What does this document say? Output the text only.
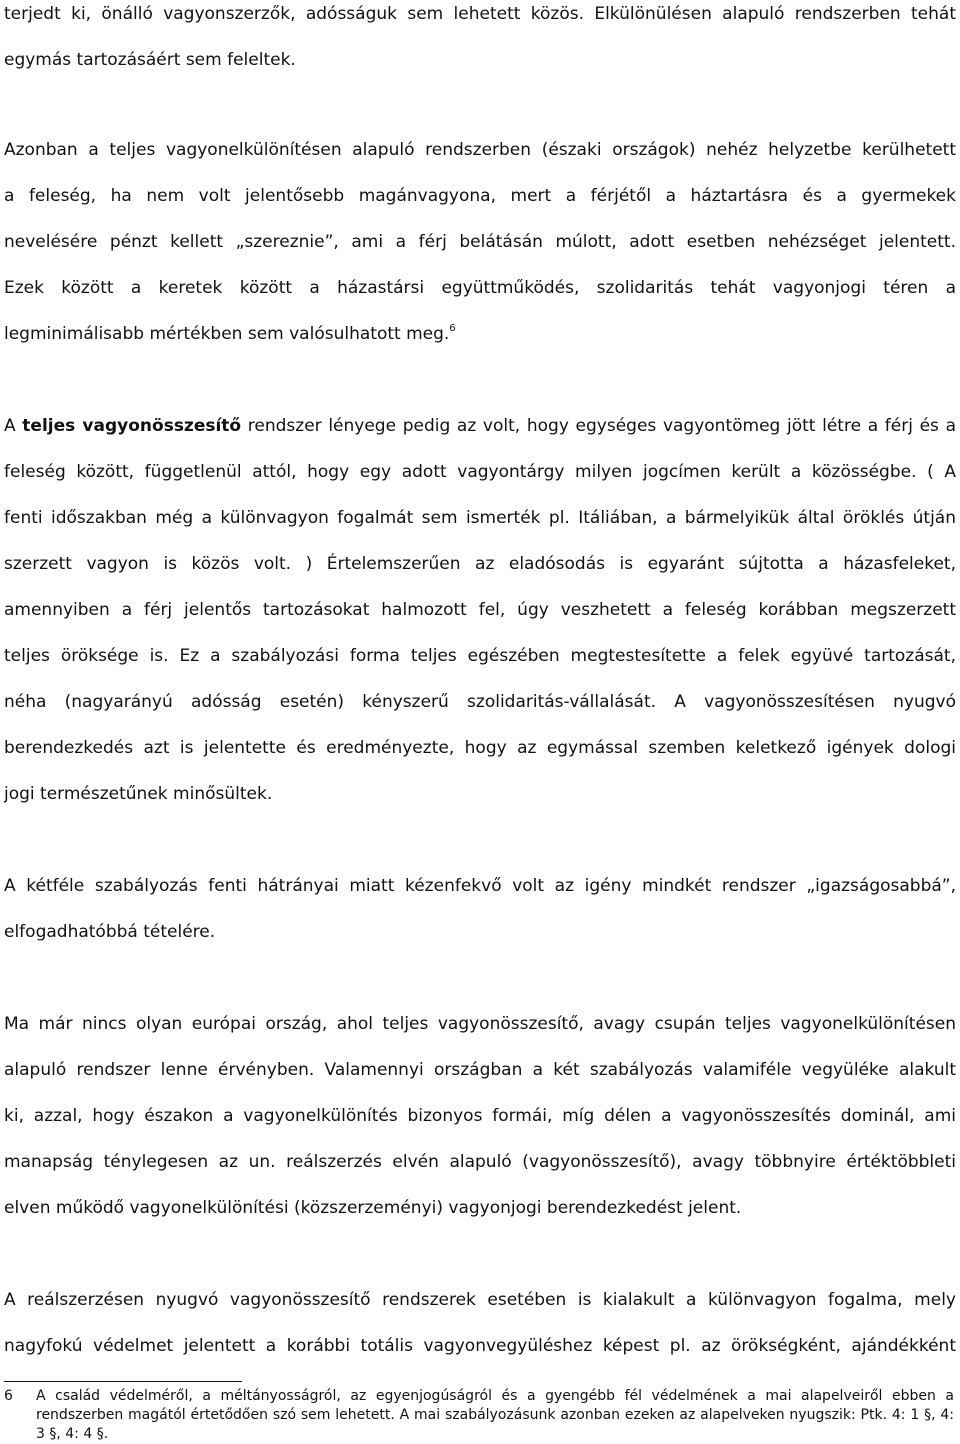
terjedt ki, önálló vagyonszerzők, adósságuk sem lehetett közös. Elkülönülésen alapuló rendszerben tehát
egymás tartozásáért sem feleltek.
Azonban a teljes vagyonelkülönítésen alapuló rendszerben (északi országok) nehéz helyzetbe kerülhetett
a feleség, ha nem volt jelentősebb magánvagyona, mert a férjétől a háztartásra és a gyermekek
nevelésére pénzt kellett „szereznie”, ami a férj belátásán múlott, adott esetben nehézséget jelentett.
Ezek között a keretek között a házastársi együttműködés, szolidaritás tehát vagyonjogi téren a
legminimálisabb mértékben sem valósulhatott meg.$^6$
A teljes vagyonösszesítő rendszer lényege pedig az volt, hogy egységes vagyontömeg jött létre a férj és a
feleség között, függetlenül attól, hogy egy adott vagyontárgy milyen jogcímen került a közösségbe. ( A
fenti időszakban még a különvagyon fogalmát sem ismerték pl. Itáliában, a bármelyikük által öröklés útján
szerzett vagyon is közös volt. ) Értelemszerűen az eladósodás is egyaránt sújtotta a házasfeleket,
amennyiben a férj jelentős tartozásokat halmozott fel, úgy veszhetett a feleség korábban megszerzett
teljes öröksége is. Ez a szabályozási forma teljes egészében megtestesítette a felek együvé tartozását,
néha (nagyarányú adósság esetén) kényszerű szolidaritás-vállalását. A vagyonösszesítésen nyugvó
berendezkedés azt is jelentette és eredményezte, hogy az egymással szemben keletkező igények dologi
jogi természetűnek minősültek.
A kétféle szabályozás fenti hátrányai miatt kézenfekvő volt az igény mindkét rendszer „igazságosabbá”,
elfogadhatóbbá tételére.
Ma már nincs olyan európai ország, ahol teljes vagyonösszesítő, avagy csupán teljes vagyonelkülönítésen
alapuló rendszer lenne érvényben. Valamennyi országban a két szabályozás valamiféle vegyüléke alakult
ki, azzal, hogy északon a vagyonelkülönítés bizonyos formái, míg délen a vagyonösszesítés dominál, ami
manapság ténylegesen az un. reálszerzés elvén alapuló (vagyonösszesítő), avagy többnyire értéktöbbleti
elven működő vagyonelkülönítési (közszerzeményi) vagyonjogi berendezkedést jelent.
A reálszerzésen nyugvó vagyonösszesítő rendszerek esetében is kialakult a különvagyon fogalma, mely
nagyfokú védelmet jelentett a korábbi totális vagyonvegyüléshez képest pl. az örökségként, ajándékként
6 A család védelméről, a méltányosságról, az egyenjogúságról és a gyengébb fél védelmének a mai alapelveiről ebben a
rendszerben magától értetődően szó sem lehetett. A mai szabályozásunk azonban ezeken az alapelveken nyugszik: Ptk. 4: 1 §, 4:
3 §, 4: 4 §.
